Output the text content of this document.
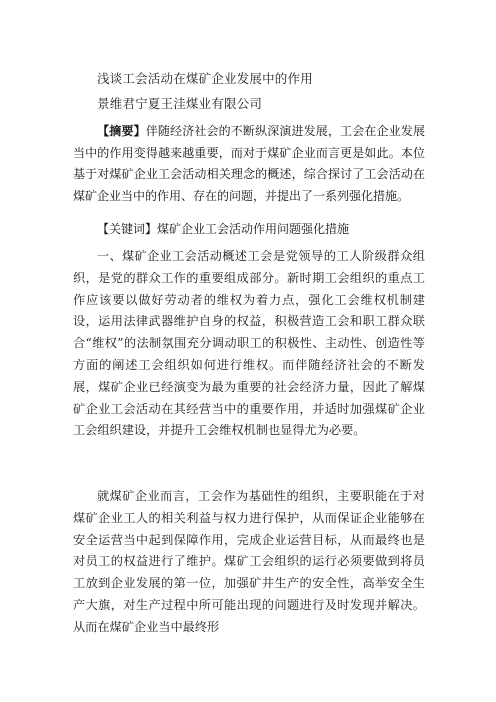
浅谈工会活动在煤矿企业发展中的作用
景维君宁夏王洼煤业有限公司
【摘要】伴随经济社会的不断纵深演进发展，工会在企业发展当中的作用变得越来越重要，而对于煤矿企业而言更是如此。本位基于对煤矿企业工会活动相关理念的概述，综合探讨了工会活动在煤矿企业当中的作用、存在的问题，并提出了一系列强化措施。
【关键词】煤矿企业工会活动作用问题强化措施
一、煤矿企业工会活动概述工会是党领导的工人阶级群众组织，是党的群众工作的重要组成部分。新时期工会组织的重点工作应该要以做好劳动者的维权为着力点，强化工会维权机制建设，运用法律武器维护自身的权益，积极营造工会和职工群众联合“维权”的法制氛围充分调动职工的积极性、主动性、创造性等方面的阐述工会组织如何进行维权。而伴随经济社会的不断发展，煤矿企业已经演变为最为重要的社会经济力量，因此了解煤矿企业工会活动在其经营当中的重要作用，并适时加强煤矿企业工会组织建设，并提升工会维权机制也显得尤为必要。
就煤矿企业而言，工会作为基础性的组织，主要职能在于对煤矿企业工人的相关利益与权力进行保护，从而保证企业能够在安全运营当中起到保障作用，完成企业运营目标，从而最终也是对员工的权益进行了维护。煤矿工会组织的运行必须要做到将员工放到企业发展的第一位，加强矿井生产的安全性，高举安全生产大旗，对生产过程中所可能出现的问题进行及时发现并解决。从而在煤矿企业当中最终形
